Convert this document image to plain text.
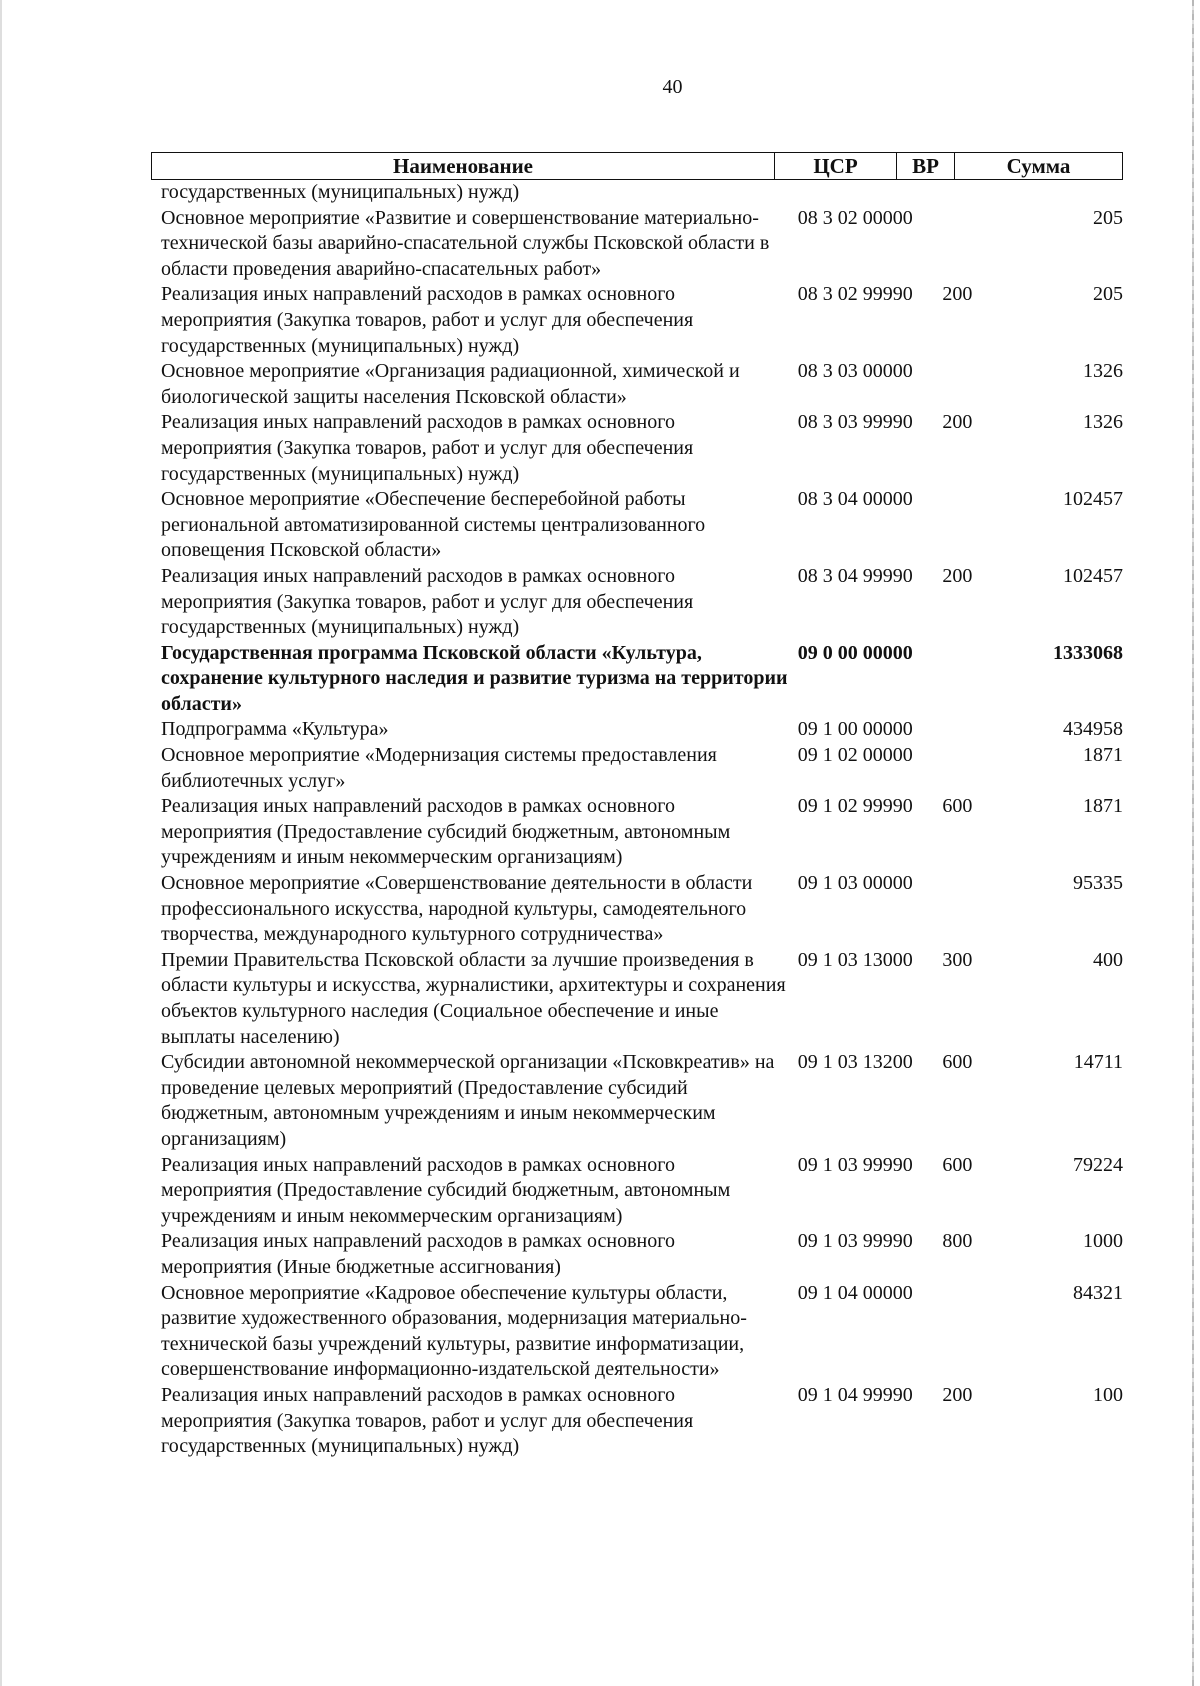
40
Наименование	ЦСР	ВР	Сумма
государственных (муниципальных) нужд)
Основное мероприятие «Развитие и совершенствование материально-технической базы аварийно-спасательной службы Псковской области в области проведения аварийно-спасательных работ»
08 3 02 00000	205
Реализация иных направлений расходов в рамках основного мероприятия (Закупка товаров, работ и услуг для обеспечения государственных (муниципальных) нужд)
08 3 02 99990	200	205
Основное мероприятие «Организация радиационной, химической и биологической защиты населения Псковской области»
08 3 03 00000	1326
Реализация иных направлений расходов в рамках основного мероприятия (Закупка товаров, работ и услуг для обеспечения государственных (муниципальных) нужд)
08 3 03 99990	200	1326
Основное мероприятие «Обеспечение бесперебойной работы региональной автоматизированной системы централизованного оповещения Псковской области»
08 3 04 00000	102457
Реализация иных направлений расходов в рамках основного мероприятия (Закупка товаров, работ и услуг для обеспечения государственных (муниципальных) нужд)
08 3 04 99990	200	102457
Государственная программа Псковской области «Культура, сохранение культурного наследия и развитие туризма на территории области»
09 0 00 00000	1333068
Подпрограмма «Культура»	09 1 00 00000	434958
Основное мероприятие «Модернизация системы предоставления библиотечных услуг»
09 1 02 00000	1871
Реализация иных направлений расходов в рамках основного мероприятия (Предоставление субсидий бюджетным, автономным учреждениям и иным некоммерческим организациям)
09 1 02 99990	600	1871
Основное мероприятие «Совершенствование деятельности в области профессионального искусства, народной культуры, самодеятельного творчества, международного культурного сотрудничества»
09 1 03 00000	95335
Премии Правительства Псковской области за лучшие произведения в области культуры и искусства, журналистики, архитектуры и сохранения объектов культурного наследия (Социальное обеспечение и иные выплаты населению)
09 1 03 13000	300	400
Субсидии автономной некоммерческой организации «Псковкреатив» на проведение целевых мероприятий (Предоставление субсидий бюджетным, автономным учреждениям и иным некоммерческим организациям)
09 1 03 13200	600	14711
Реализация иных направлений расходов в рамках основного мероприятия (Предоставление субсидий бюджетным, автономным учреждениям и иным некоммерческим организациям)
09 1 03 99990	600	79224
Реализация иных направлений расходов в рамках основного мероприятия (Иные бюджетные ассигнования)
09 1 03 99990	800	1000
Основное мероприятие «Кадровое обеспечение культуры области, развитие художественного образования, модернизация материально-технической базы учреждений культуры, развитие информатизации, совершенствование информационно-издательской деятельности»
09 1 04 00000	84321
Реализация иных направлений расходов в рамках основного мероприятия (Закупка товаров, работ и услуг для обеспечения государственных (муниципальных) нужд)
09 1 04 99990	200	100
